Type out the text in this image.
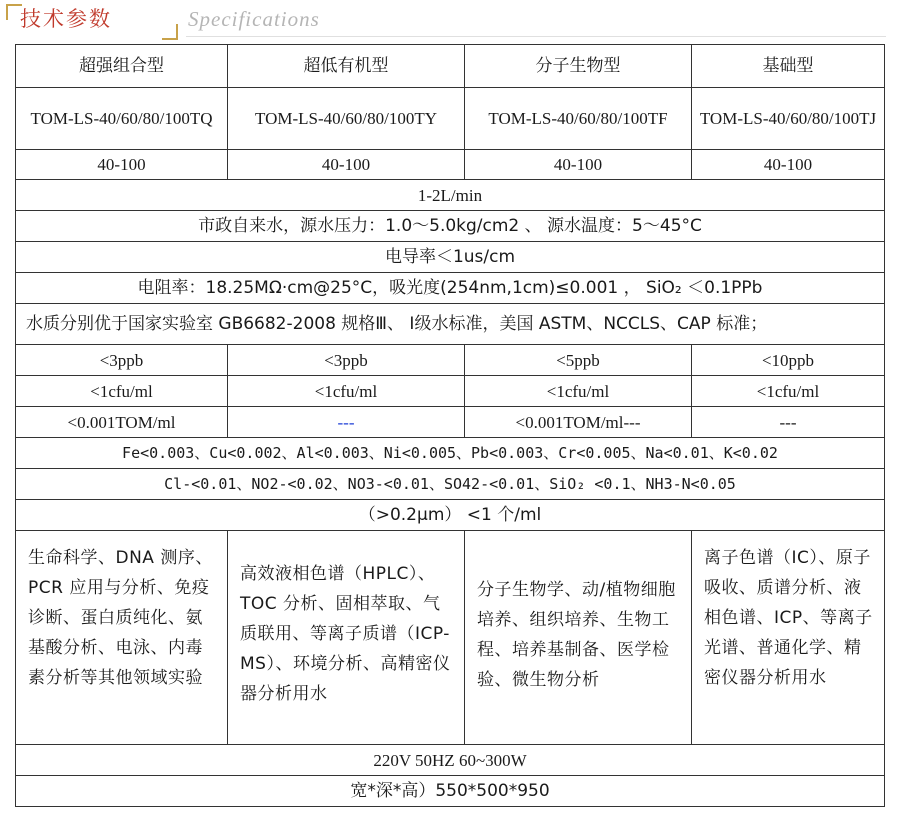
技术参数	Specifications
超强组合型	超低有机型	分子生物型	基础型
TOM-LS-40/60/80/100TQ	TOM-LS-40/60/80/100TY	TOM-LS-40/60/80/100TF	TOM-LS-40/60/80/100TJ
40-100	40-100	40-100	40-100
1-2L/min			
市政自来水，源水压力：1.0～5.0kg/cm2 、 源水温度：5～45°C			
电导率＜1us/cm			
电阻率：18.25MΩ·cm@25°C，吸光度(254nm,1cm)≤0.001 ， SiO₂ ＜0.1PPb			
水质分别优于国家实验室 GB6682-2008 规格Ⅲ、 Ⅰ级水标准，美国 ASTM、NCCLS、CAP 标准；			
<3ppb	<3ppb	<5ppb	<10ppb
<1cfu/ml	<1cfu/ml	<1cfu/ml	<1cfu/ml
<0.001TOM/ml	---	<0.001TOM/ml---	---
Fe<0.003、Cu<0.002、Al<0.003、Ni<0.005、Pb<0.003、Cr<0.005、Na<0.01、K<0.02			
Cl-<0.01、NO2-<0.02、NO3-<0.01、SO42-<0.01、SiO₂ <0.1、NH3-N<0.05			
（>0.2μm） <1 个/ml			
生命科学、DNA 测序、PCR 应用与分析、免疫诊断、蛋白质纯化、氨基酸分析、电泳、内毒素分析等其他领域实验	高效液相色谱（HPLC）、TOC 分析、固相萃取、气质联用、等离子质谱（ICP-MS）、环境分析、高精密仪器分析用水	分子生物学、动/植物细胞培养、组织培养、生物工程、培养基制备、医学检验、微生物分析	离子色谱（IC）、原子吸收、质谱分析、液相色谱、ICP、等离子光谱、普通化学、精密仪器分析用水
220V 50HZ 60~300W			
宽*深*高）550*500*950			
